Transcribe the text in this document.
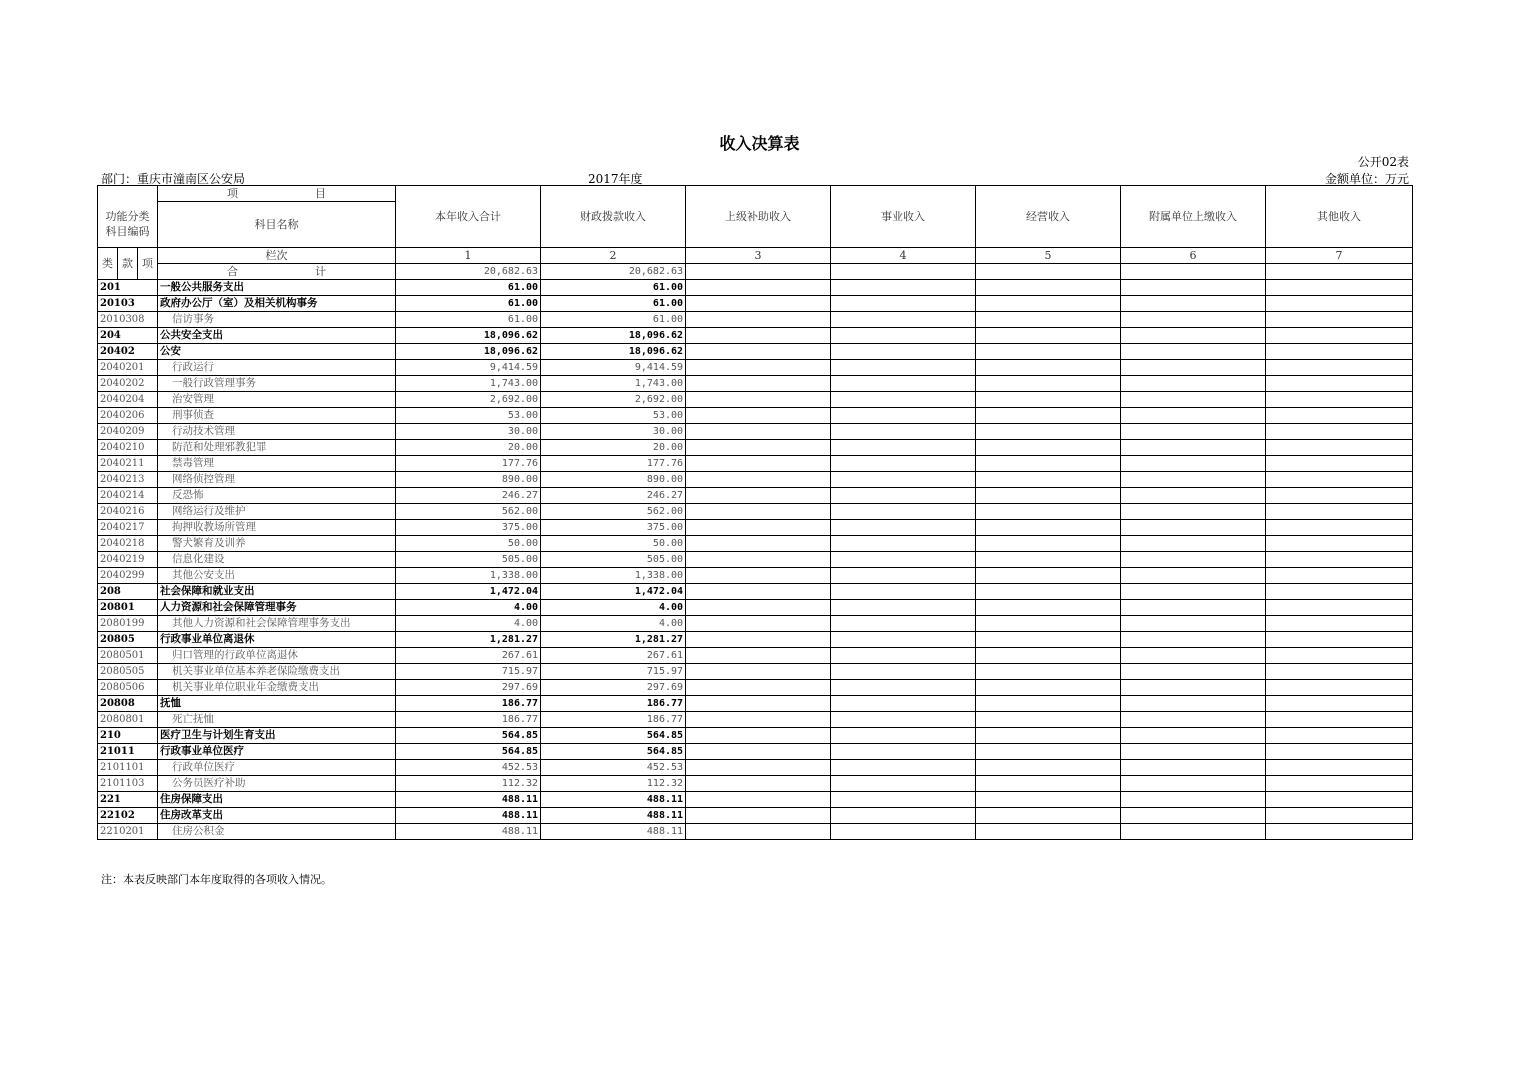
收入决算表
公开02表
部门：重庆市潼南区公安局	2017年度	金额单位：万元
			项　　　　　　　目	本年收入合计	财政拨款收入	上级补助收入	事业收入	经营收入	附属单位上缴收入	其他收入
功能分类
科目编码										
			科目名称							

类	款	项	栏次	1	2	3	4	5	6	7
			合　　　　　　　计	20,682.63	20,682.63					
201			一般公共服务支出	61.00	61.00					
20103			政府办公厅（室）及相关机构事务	61.00	61.00					
2010308			信访事务	61.00	61.00					
204			公共安全支出	18,096.62	18,096.62					
20402			公安	18,096.62	18,096.62					
2040201			行政运行	9,414.59	9,414.59					
2040202			一般行政管理事务	1,743.00	1,743.00					
2040204			治安管理	2,692.00	2,692.00					
2040206			刑事侦查	53.00	53.00					
2040209			行动技术管理	30.00	30.00					
2040210			防范和处理邪教犯罪	20.00	20.00					
2040211			禁毒管理	177.76	177.76					
2040213			网络侦控管理	890.00	890.00					
2040214			反恐怖	246.27	246.27					
2040216			网络运行及维护	562.00	562.00					
2040217			拘押收教场所管理	375.00	375.00					
2040218			警犬繁育及训养	50.00	50.00					
2040219			信息化建设	505.00	505.00					
2040299			其他公安支出	1,338.00	1,338.00					
208			社会保障和就业支出	1,472.04	1,472.04					
20801			人力资源和社会保障管理事务	4.00	4.00					
2080199			其他人力资源和社会保障管理事务支出	4.00	4.00					
20805			行政事业单位离退休	1,281.27	1,281.27					
2080501			归口管理的行政单位离退休	267.61	267.61					
2080505			机关事业单位基本养老保险缴费支出	715.97	715.97					
2080506			机关事业单位职业年金缴费支出	297.69	297.69					
20808			抚恤	186.77	186.77					
2080801			死亡抚恤	186.77	186.77					
210			医疗卫生与计划生育支出	564.85	564.85					
21011			行政事业单位医疗	564.85	564.85					
2101101			行政单位医疗	452.53	452.53					
2101103			公务员医疗补助	112.32	112.32					
221			住房保障支出	488.11	488.11					
22102			住房改革支出	488.11	488.11					
2210201			住房公积金	488.11	488.11					
注：本表反映部门本年度取得的各项收入情况。
